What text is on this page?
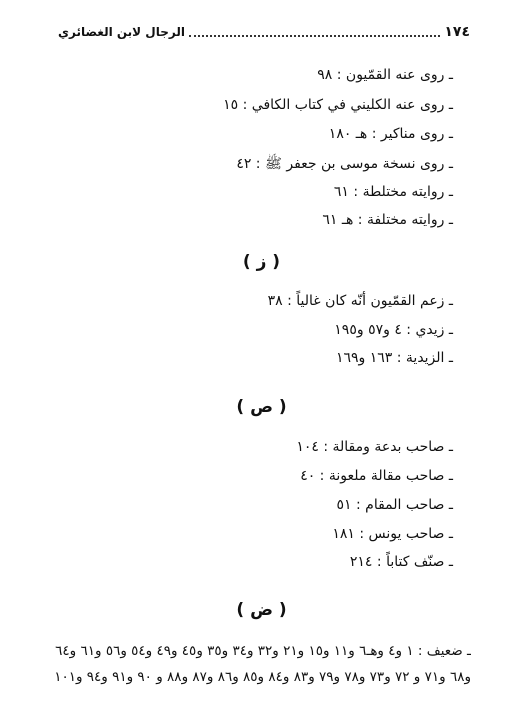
١٧٤
الرجال لابن الغضائري
ـ روى عنه القمّيون : ٩٨
ـ روى عنه الكليني في كتاب الكافي : ١٥
ـ روى مناكير : هـ ١٨٠
ـ روى نسخة موسى بن جعفر ﷺ : ٤٢
ـ روايته مختلطة : ٦١
ـ روايته مختلفة : هـ ٦١
( ز )
ـ زعم القمّيون أنّه كان غالياً : ٣٨
ـ زيدي : ٤ و٥٧ و١٩٥
ـ الزيدية : ١٦٣ و١٦٩
( ص )
ـ صاحب بدعة ومقالة : ١٠٤
ـ صاحب مقالة ملعونة : ٤٠
ـ صاحب المقام : ٥١
ـ صاحب يونس : ١٨١
ـ صنّف كتاباً : ٢١٤
( ض )
ـ ضعيف : ١ و٤ وهـ٦ و١١ و١٥ و٢١ و٣٢ و٣٤ و٣٥ و٤٥ و٤٩ و٥٤ و٥٦ و٦١ و٦٤
و٦٨ و٧١ و ٧٢ و٧٣ و٧٨ و٧٩ و٨٣ و٨٤ و٨٥ و٨٦ و٨٧ و٨٨ و ٩٠ و٩١ و٩٤ و١٠١
